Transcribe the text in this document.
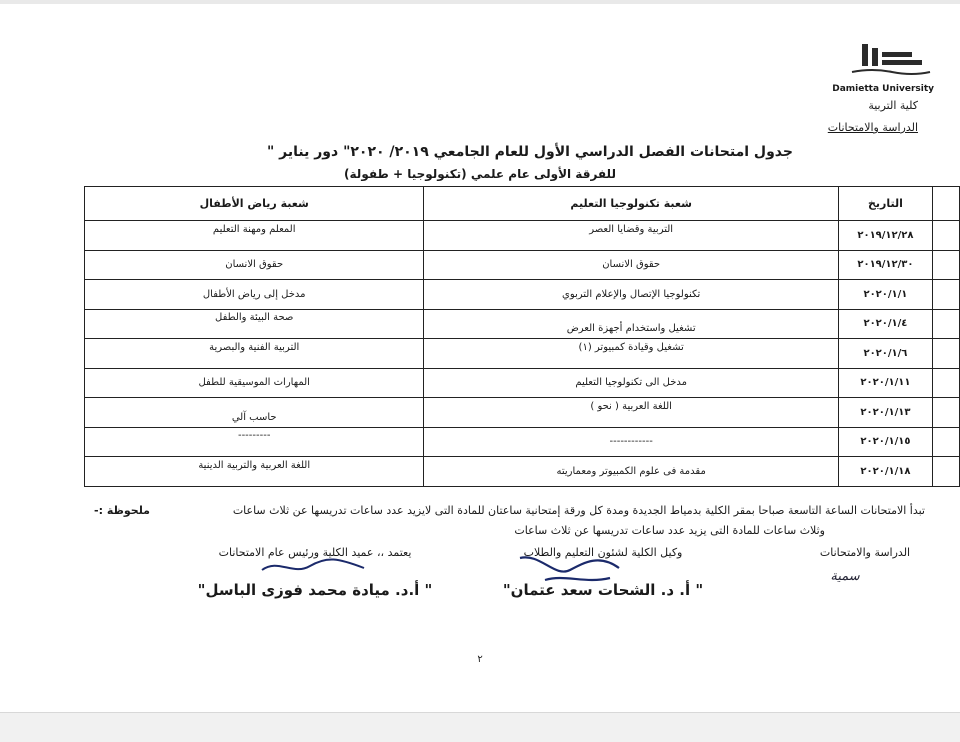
Damietta University
كلية التربية
الدراسة والامتحانات
جدول امتحانات الفصل الدراسي الأول للعام الجامعي ٢٠١٩/ ٢٠٢٠" دور يناير "
للفرقة الأولى عام علمي (تكنولوجيا + طفولة)
	التاريخ	شعبة تكنولوجيا التعليم	شعبة رياض الأطفال
	٢٠١٩/١٢/٢٨	التربية وقضايا العصر	المعلم ومهنة التعليم

	٢٠١٩/١٢/٣٠	حقوق الانسان	حقوق الانسان

	٢٠٢٠/١/١	تكنولوجيا الإتصال والإعلام التربوي	مدخل إلى رياض الأطفال

	٢٠٢٠/١/٤	تشغيل واستخدام أجهزة العرض	صحة البيئة والطفل

	٢٠٢٠/١/٦	تشغيل وقيادة كمبيوتر (١)	التربية الفنية والبصرية

	٢٠٢٠/١/١١	مدخل الى تكنولوجيا التعليم	المهارات الموسيقية للطفل

	٢٠٢٠/١/١٣	اللغة العربية ( نحو )	حاسب آلي

	٢٠٢٠/١/١٥	------------	---------

	٢٠٢٠/١/١٨	مقدمة فى علوم الكمبيوتر ومعماريته	اللغة العربية والتربية الدينية
ملحوظة :-	تبدأ الامتحانات الساعة التاسعة صباحا بمقر الكلية بدمياط الجديدة ومدة كل ورقة إمتحانية ساعتان للمادة التى لايزيد عدد ساعات تدريسها عن ثلاث ساعات
وثلاث ساعات للمادة التى يزيد عدد ساعات تدريسها عن ثلاث ساعات
الدراسة والامتحانات
سمية
وكيل الكلية لشئون التعليم والطلاب
" أ. د. الشحات سعد عتمان"
يعتمد ،، عميد الكلية ورئيس عام الامتحانات
" أ.د. ميادة محمد فوزى الباسل"
٢
